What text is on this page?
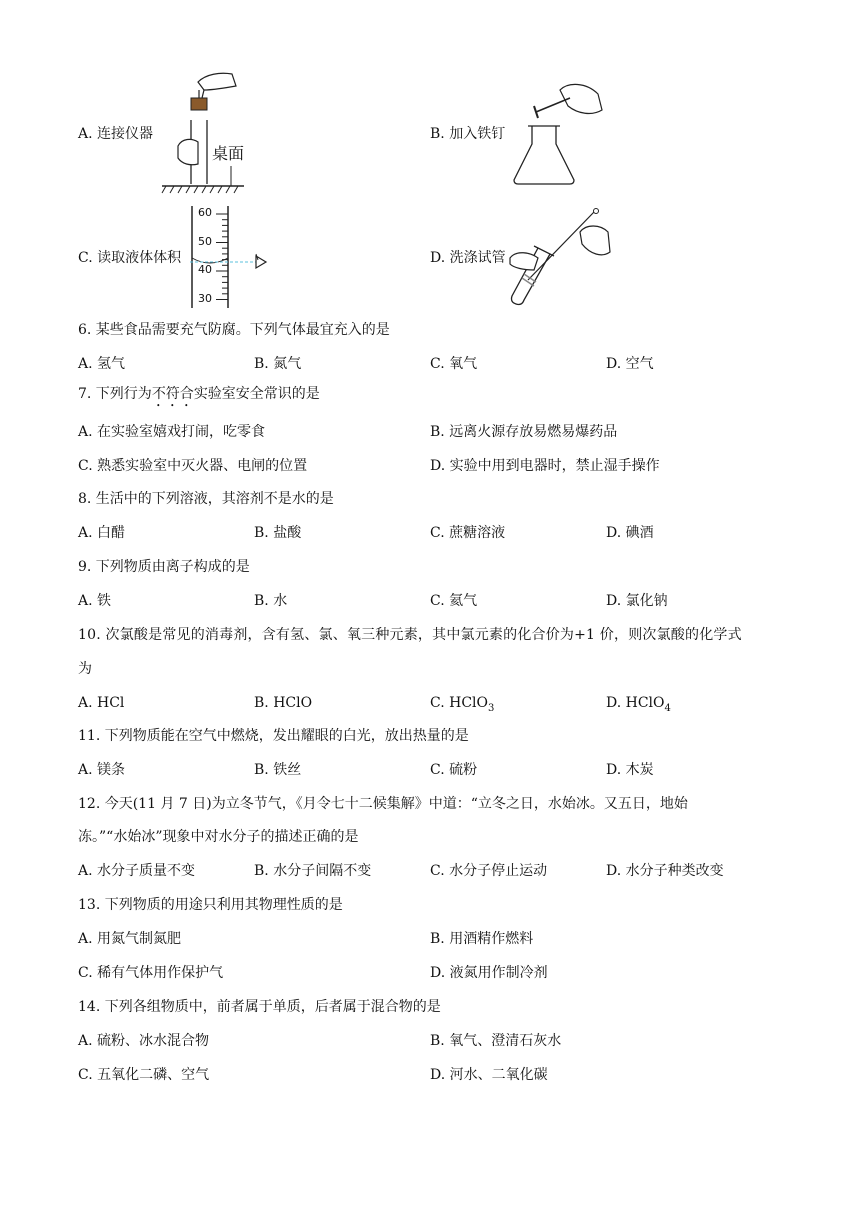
A. 连接仪器
桌面
B. 加入铁钉
C. 读取液体体积
60
50
40
30
D. 洗涤试管
6. 某些食品需要充气防腐。下列气体最宜充入的是
A. 氢气	B. 氮气	C. 氧气	D. 空气
7. 下列行为不符合实验室安全常识的是
A. 在实验室嬉戏打闹，吃零食	B. 远离火源存放易燃易爆药品
C. 熟悉实验室中灭火器、电闸的位置	D. 实验中用到电器时，禁止湿手操作
8. 生活中的下列溶液，其溶剂不是水的是
A. 白醋	B. 盐酸	C. 蔗糖溶液	D. 碘酒
9. 下列物质由离子构成的是
A. 铁	B. 水	C. 氦气	D. 氯化钠
10. 次氯酸是常见的消毒剂，含有氢、氯、氧三种元素，其中氯元素的化合价为+1 价，则次氯酸的化学式
为
A. HCl	B. HClO	C. HClO$_3$	D. HClO$_4$
11. 下列物质能在空气中燃烧，发出耀眼的白光，放出热量的是
A. 镁条	B. 铁丝	C. 硫粉	D. 木炭
12. 今天(11 月 7 日)为立冬节气，《月令七十二候集解》中道：“立冬之日，水始冰。又五日，地始
冻。”“水始冰”现象中对水分子的描述正确的是
A. 水分子质量不变	B. 水分子间隔不变	C. 水分子停止运动	D. 水分子种类改变
13. 下列物质的用途只利用其物理性质的是
A. 用氮气制氮肥	B. 用酒精作燃料
C. 稀有气体用作保护气	D. 液氮用作制冷剂
14. 下列各组物质中，前者属于单质，后者属于混合物的是
A. 硫粉、冰水混合物	B. 氧气、澄清石灰水
C. 五氧化二磷、空气	D. 河水、二氧化碳
